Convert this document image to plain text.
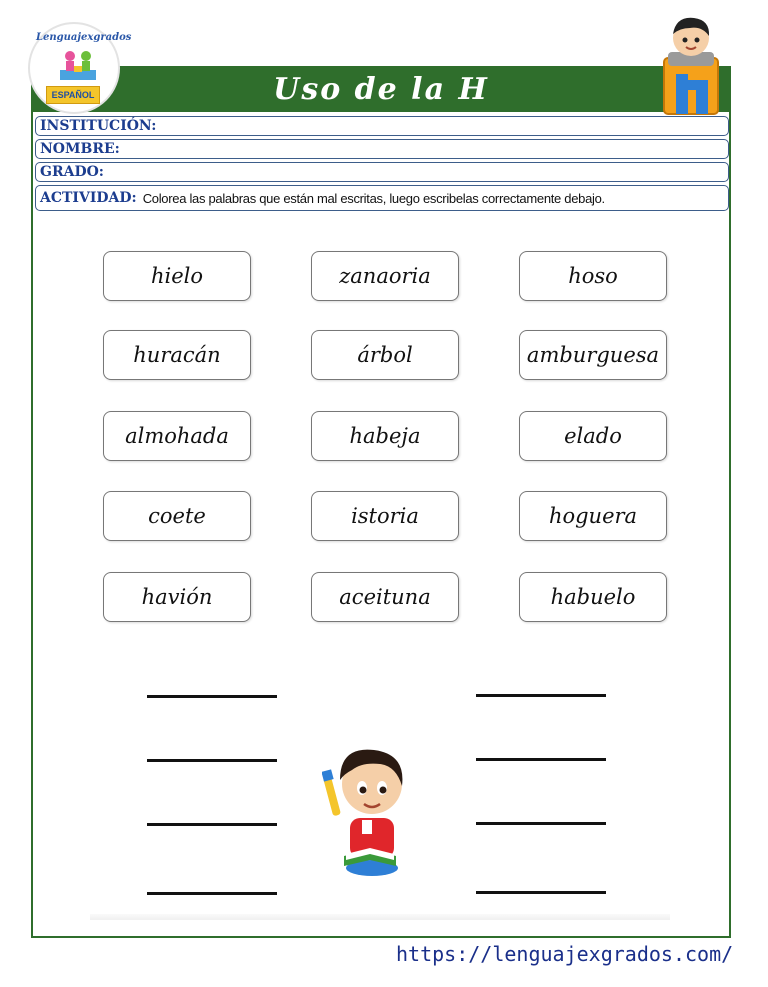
Uso de la H
Lenguajexgrados
ESPAÑOL
INSTITUCIÓN:
NOMBRE:
GRADO:
ACTIVIDAD: Colorea las palabras que están mal escritas, luego escribelas correctamente debajo.
hielo	zanaoria	hoso
huracán	árbol	amburguesa
almohada	habeja	elado
coete	istoria	hoguera
havión	aceituna	habuelo
https://lenguajexgrados.com/
